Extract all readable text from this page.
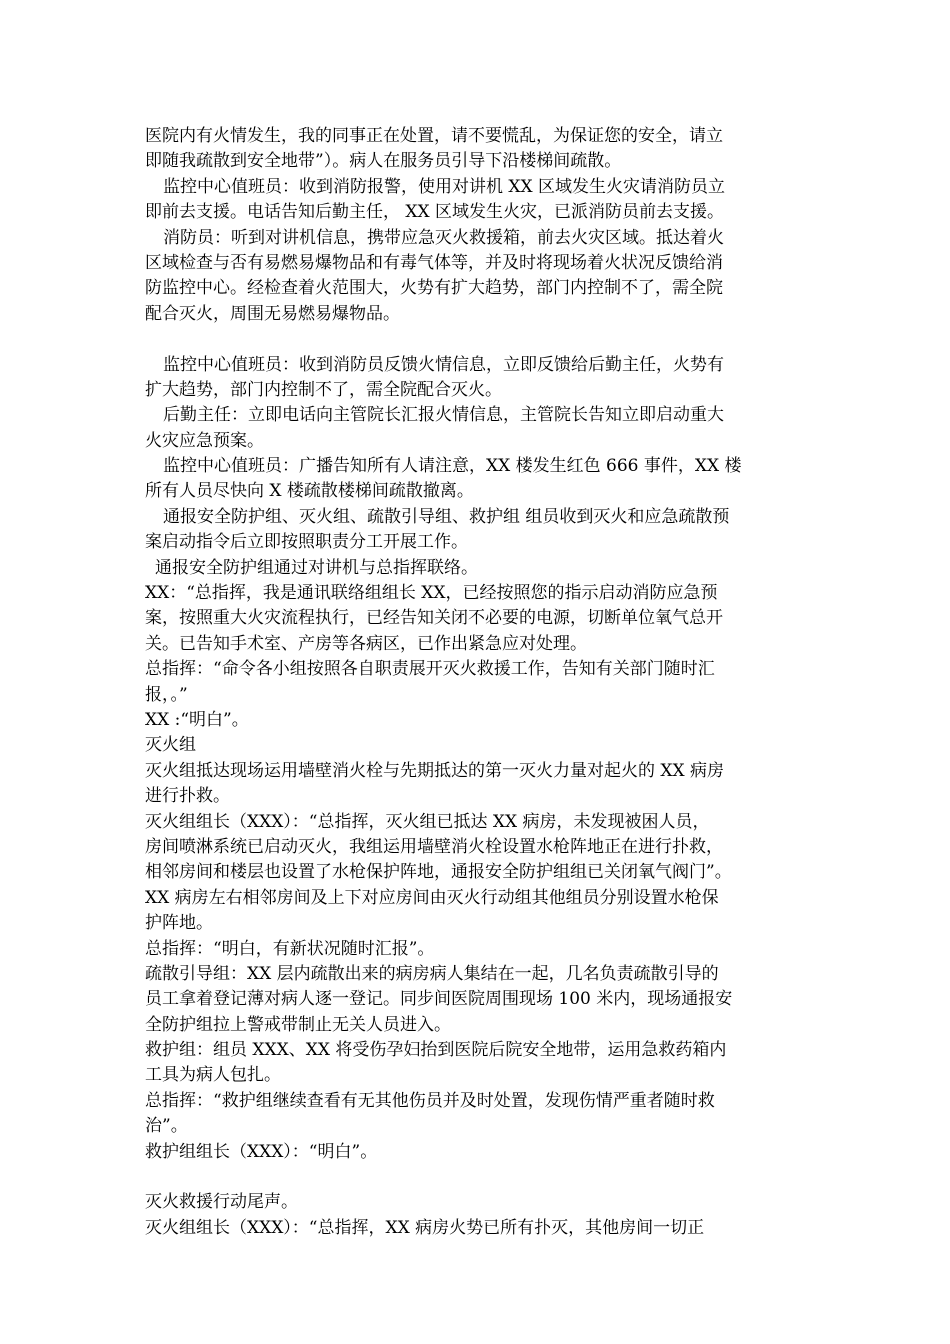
医院内有火情发生，我的同事正在处置，请不要慌乱，为保证您的安全，请立
即随我疏散到安全地带”）。病人在服务员引导下沿楼梯间疏散。
监控中心值班员：收到消防报警，使用对讲机 XX 区域发生火灾请消防员立
即前去支援。电话告知后勤主任， XX 区域发生火灾，已派消防员前去支援。
消防员：听到对讲机信息，携带应急灭火救援箱，前去火灾区域。抵达着火
区域检查与否有易燃易爆物品和有毒气体等，并及时将现场着火状况反馈给消
防监控中心。经检查着火范围大，火势有扩大趋势，部门内控制不了，需全院
配合灭火，周围无易燃易爆物品。
监控中心值班员：收到消防员反馈火情信息，立即反馈给后勤主任，火势有
扩大趋势，部门内控制不了，需全院配合灭火。
后勤主任：立即电话向主管院长汇报火情信息，主管院长告知立即启动重大
火灾应急预案。
监控中心值班员：广播告知所有人请注意，XX 楼发生红色 666 事件，XX 楼
所有人员尽快向 X 楼疏散楼梯间疏散撤离。
通报安全防护组、灭火组、疏散引导组、救护组 组员收到灭火和应急疏散预
案启动指令后立即按照职责分工开展工作。
通报安全防护组通过对讲机与总指挥联络。
XX：“总指挥，我是通讯联络组组长 XX，已经按照您的指示启动消防应急预
案，按照重大火灾流程执行，已经告知关闭不必要的电源，切断单位氧气总开
关。已告知手术室、产房等各病区，已作出紧急应对处理。
总指挥：“命令各小组按照各自职责展开灭火救援工作，告知有关部门随时汇
报，。”
XX :“明白”。
灭火组
灭火组抵达现场运用墙壁消火栓与先期抵达的第一灭火力量对起火的 XX 病房
进行扑救。
灭火组组长（XXX）：“总指挥，灭火组已抵达 XX 病房，未发现被困人员，
房间喷淋系统已启动灭火，我组运用墙壁消火栓设置水枪阵地正在进行扑救，
相邻房间和楼层也设置了水枪保护阵地，通报安全防护组组已关闭氧气阀门”。
XX 病房左右相邻房间及上下对应房间由灭火行动组其他组员分别设置水枪保
护阵地。
总指挥：“明白，有新状况随时汇报”。
疏散引导组：XX 层内疏散出来的病房病人集结在一起，几名负责疏散引导的
员工拿着登记薄对病人逐一登记。同步间医院周围现场 100 米内，现场通报安
全防护组拉上警戒带制止无关人员进入。
救护组：组员 XXX、XX 将受伤孕妇抬到医院后院安全地带，运用急救药箱内
工具为病人包扎。
总指挥：“救护组继续查看有无其他伤员并及时处置，发现伤情严重者随时救
治”。
救护组组长（XXX）：“明白”。
灭火救援行动尾声。
灭火组组长（XXX）：“总指挥，XX 病房火势已所有扑灭，其他房间一切正
